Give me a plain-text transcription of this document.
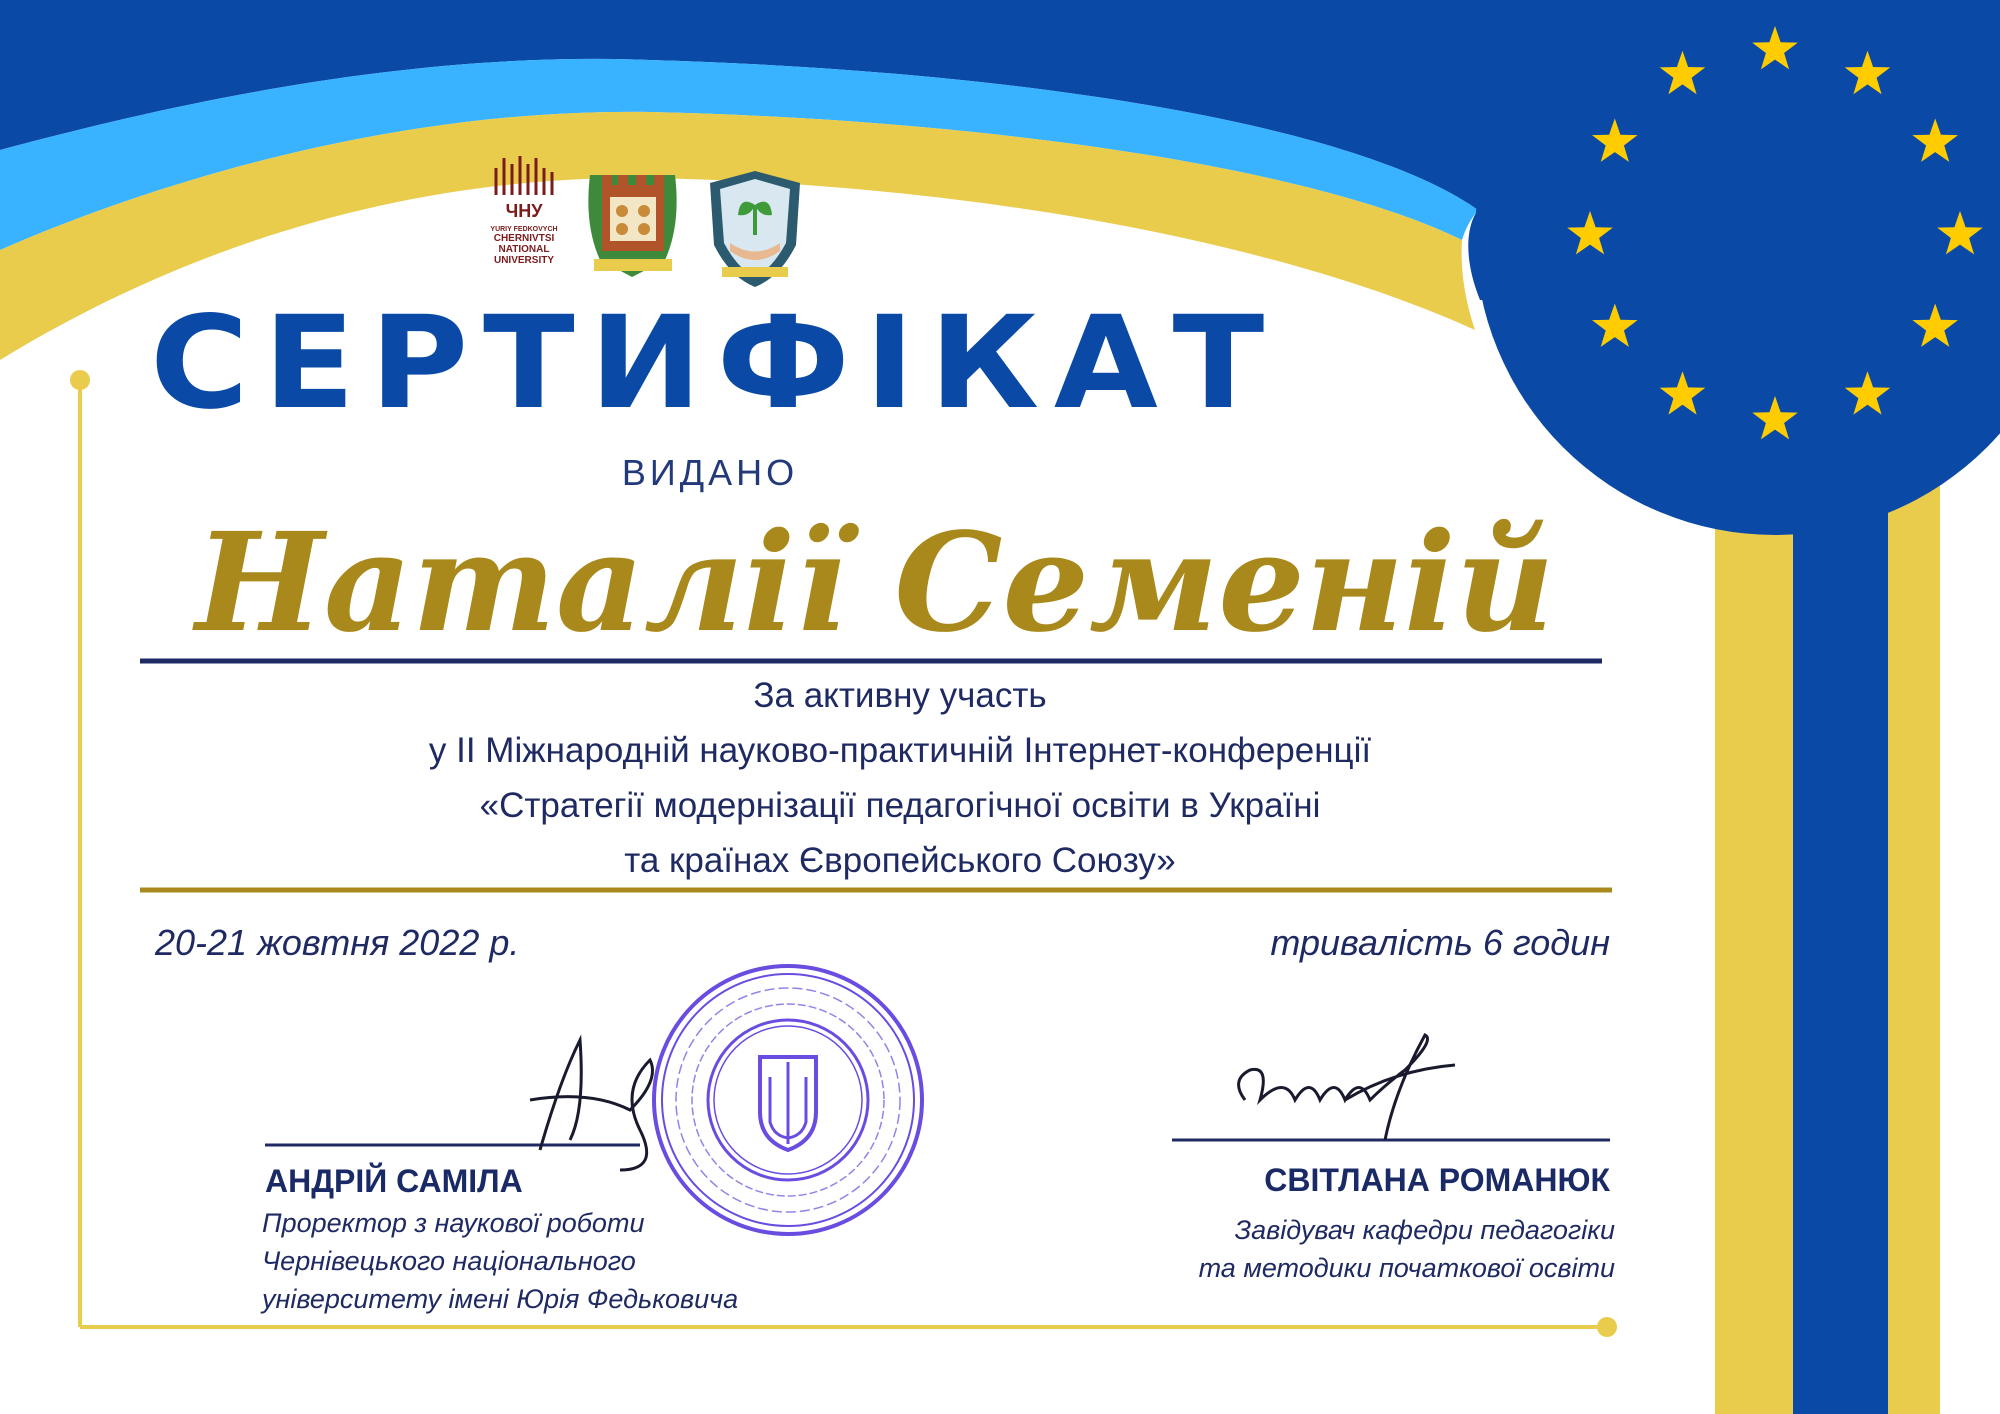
ЧНУ
YURIY FEDKOVYCH
CHERNIVTSI
NATIONAL
UNIVERSITY
СЕРТИФІКАТ
ВИДАНО
Наталії Семеній
За активну участь
у ІІ Міжнародній науково-практичній Інтернет-конференції
«Стратегії модернізації педагогічної освіти в Україні
та країнах Європейського Союзу»
20-21 жовтня 2022 р.	тривалість 6 годин
АНДРІЙ САМІЛА
Проректор з наукової роботи
Чернівецького національного
університету імені Юрія Федьковича
СВІТЛАНА РОМАНЮК
Завідувач кафедри педагогіки
та методики початкової освіти
